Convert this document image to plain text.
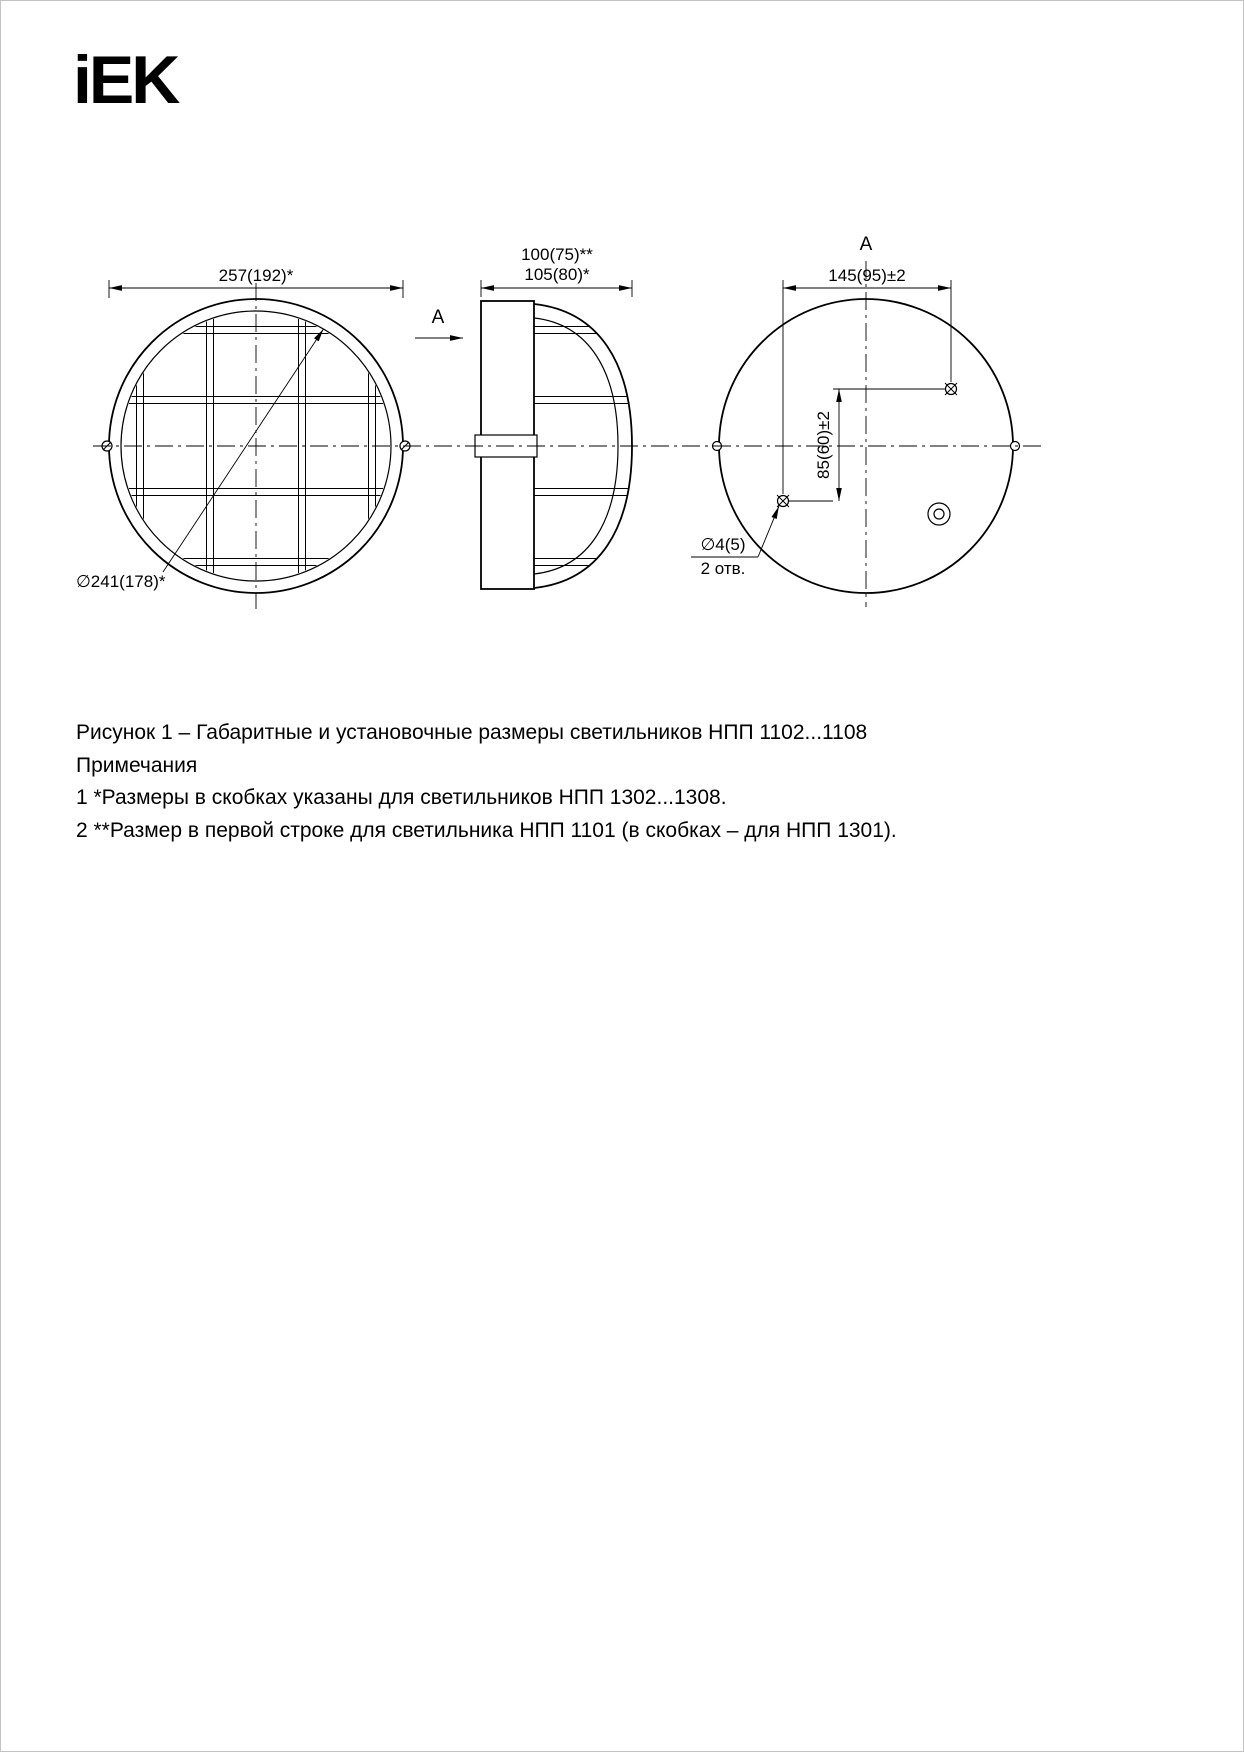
iEK
257(192)*
∅241(178)*
A
100(75)**
105(80)*
A
145(95)±2
85(60)±2
∅4(5)
2 отв.
Рисунок 1 – Габаритные и установочные размеры светильников НПП 1102...1108
Примечания
1 *Размеры в скобках указаны для светильников НПП 1302...1308.
2 **Размер в первой строке для светильника НПП 1101 (в скобках – для НПП 1301).
